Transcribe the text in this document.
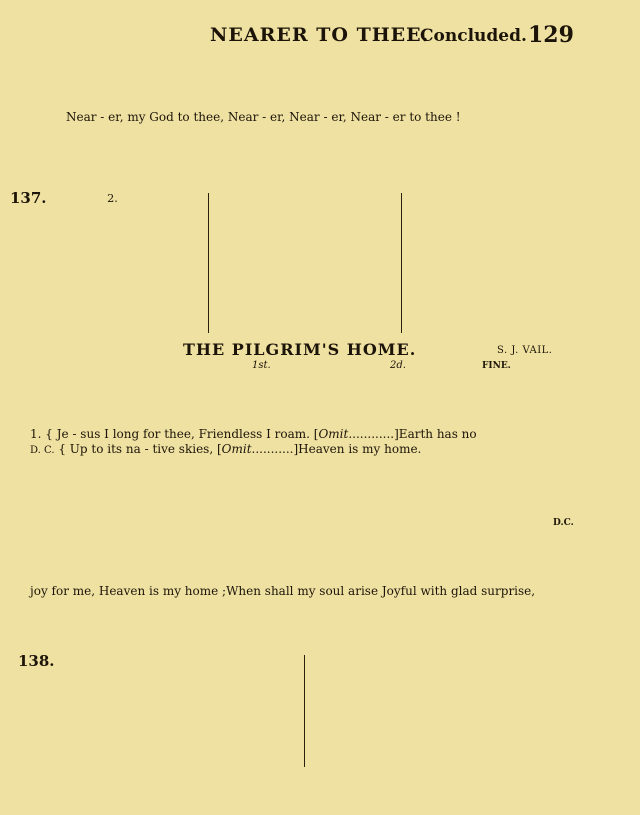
NEARER TO THEE.
Concluded. 129
Near - er, my God to thee, Near - er, Near - er, Near - er to thee !
137.	2.
THE PILGRIM'S HOME.	S. J. VAIL.
1st.	2d.	FINE.
1. { Je - sus I long for thee, Friendless I roam. [Omit............]Earth has no
D. C. { Up to its na - tive skies, [Omit...........]Heaven is my home.
D.C.
joy for me, Heaven is my home ;When shall my soul arise Joyful with glad surprise,
138.
